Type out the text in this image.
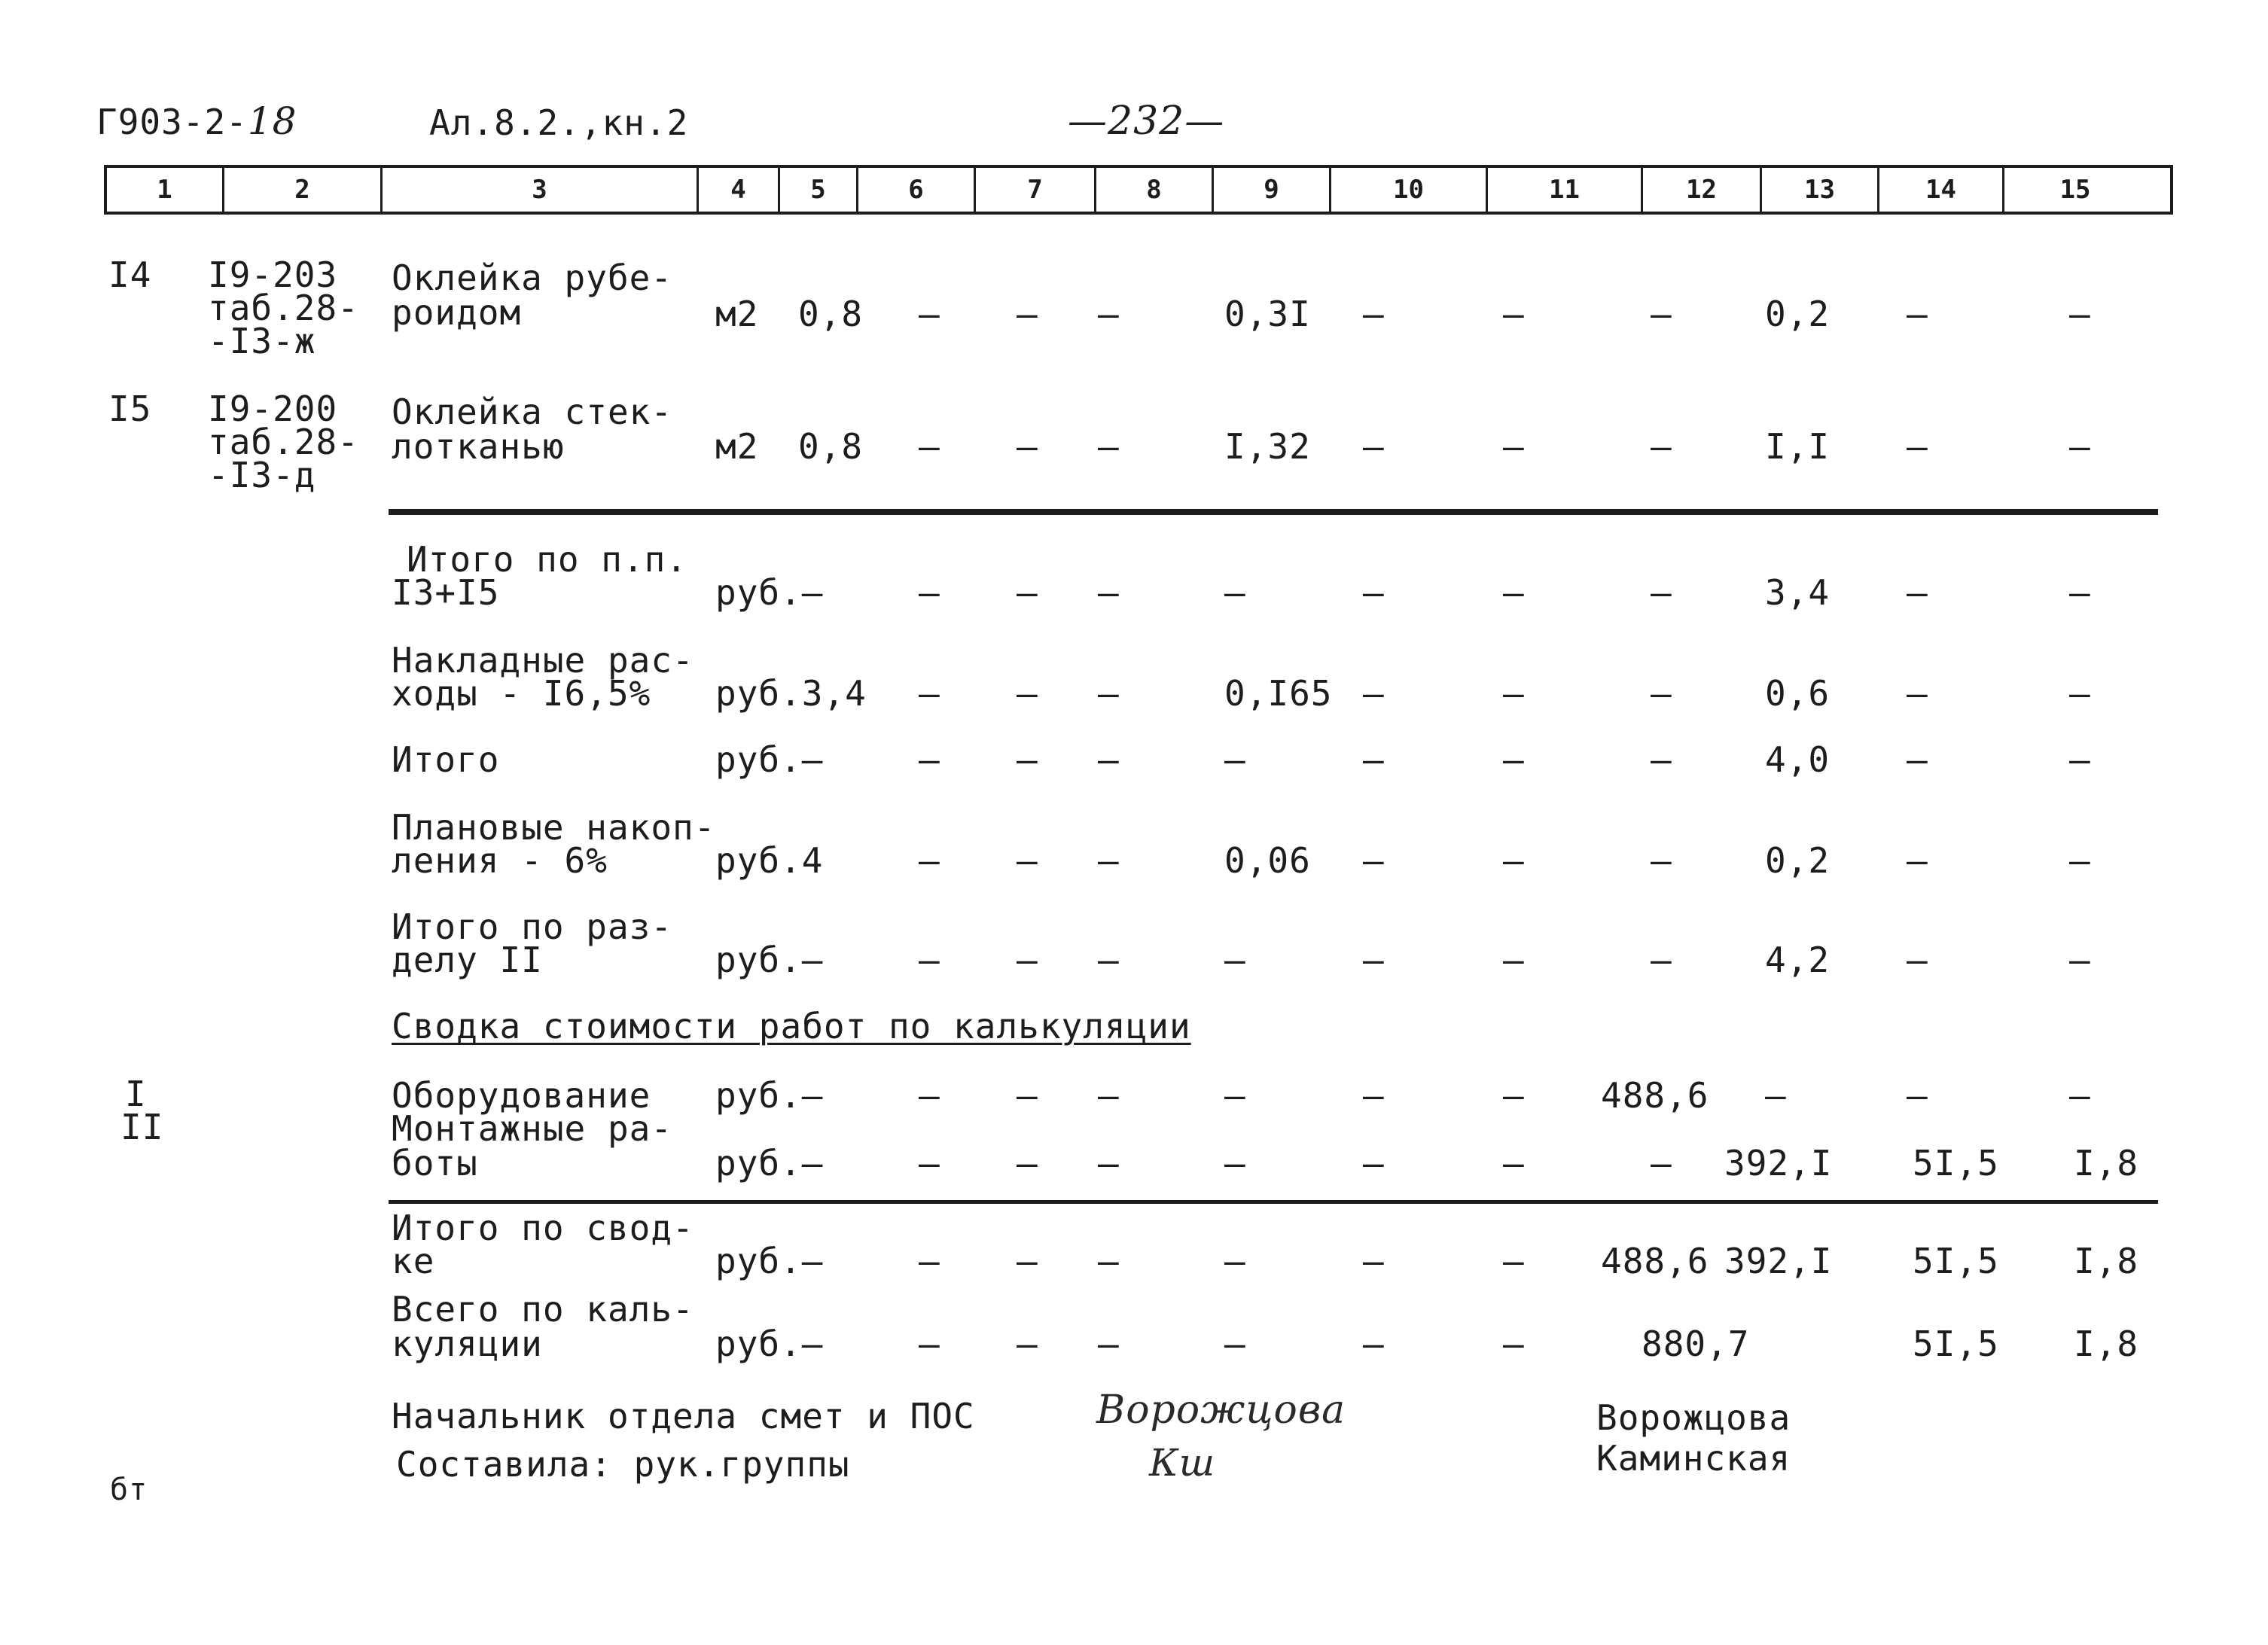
Г903-2-18	Ал.8.2.,кн.2	—232—
1	2	3	4	5	6	7	8	9	10	11	12	13	14	15
I4 I9-203
таб.28-
-I3-ж
Оклейка рубе-
роидом	м2 0,8 – – –	0,3I –	–	–	0,2 –	–
I5 I9-200
таб.28-
-I3-д
Оклейка стек-
лотканью	м2 0,8 – – –	I,32 –	–	–	I,I –	–
Итого по п.п.
I3+I5	руб.–	– – –	–	–	–	–	3,4 –	–
Накладные рас-
ходы - I6,5% руб.3,4 – – –	0,I65 –	–	–	0,6 –	–
Итого	руб.–	– – –	–	–	–	–	4,0 –	–
Плановые накоп-
ления - 6%	руб.4	– – –	0,06 –	–	–	0,2 –	–
Итого по раз-
делу II	руб.–	– – –	–	–	–	–	4,2 –	–
Сводка стоимости работ по калькуляции
I	Оборудование руб.–	– – –	–	–	– 488,6 –	–	–
II	Монтажные ра-
боты	руб.–	– – –	–	–	–	– 392,I 5I,5 I,8
Итого по свод-
ке	руб.–	– – –	–	–	– 488,6 392,I 5I,5 I,8
Всего по каль-
куляции	руб.–	– – –	–	–	–	880,7	5I,5 I,8
Начальник отдела смет и ПОС
Составила: рук.группы
Ворожцова
Кш
Ворожцова
Каминская
бт
